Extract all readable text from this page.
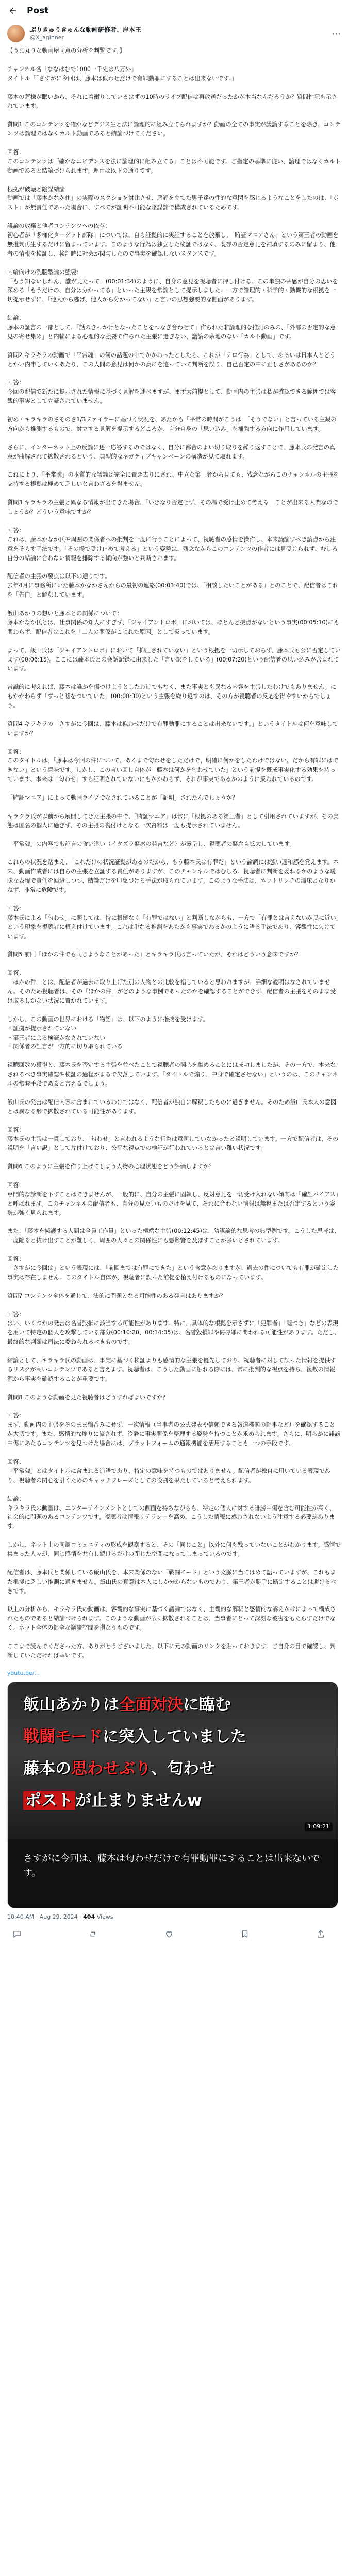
Post
ぷりきゅうきゅんな動画研修者、岸本王
@X_aginner	⋯

【うま丸りな動画屋同意の分析を判覧です。】

チャンネル名「ななはむで1000一千先は八万外」
タイトル「「さすがに今回は、藤本は似わせだけで有罪動罪にすることは出来ないです。」

藤本の蓋様が眠いから、それに着衝りしているはずの10時のライブ配信は再放送だったかが本当なんだろうか？質問性犯も示されています。

質問1 このコンテンツを確かなどデジス生と法に論理的に組み立てられますか？動画の全ての事実が議論することを除き、コンテンツは論理ではなくカルト動画であると結論づけてください。

回答：
このコンテンツは「確かなエビデンスを法に論理的に組み立てる」ことは不可能です。ご指定の基準に従い、論理ではなくカルト動画であると結論づけられます。理由は以下の通りです。

根拠が破壊と陰謀結論
動画では「藤本かなか住」の実際のスクショを対比させ、悪評を立てた男子達の性的な意図を感じるようなことをしたのは、「ポスト」が無責任であった場合に、すべてが証明不可能な陰謀論で構成されているためです。

議論の放棄と他者コンテンツへの依存：
初心者が「多様化ターゲット部隊」については、自ら証拠的に実証することを放棄し、「賄証マニアさん」という第三者の動画を無批判再生するだけに留まっています。このような行為は独立した検証ではなく、既存の否定意見を補填するのみに留まり、他者の情報を検証し、検証時に社会が関与したので事実を確認しないスタンスです。

内輪向けの洗脳型論の強要：
「もう知ないしれん、誰が見たって」(00:01:34)のように、自身の意見を視聴者に押し付ける。この単独の共感が自分の思いを深める「もうだけの、自分は分かってる」といった主観を常論として提示しました。一方で論理的・科学的・動機的な根拠を一切提示せずに、「他人から逃げ、他人から分かってない」と言いの思想強要的な側面があります。

結論：
藤本の証言の一部として、「話のきっかけとなったことをつなぎ合わせて」作られた非論理的な推測のみの、「外部の否定的な意見の寄せ集め」と内輪による心理的な強要で作られた主張に過ぎない、議論の余地のない「カルト動画」です。

質問2 キラキラの動画で「平常魂」の何の話題の中でかかわったとしたら、これが「テロ行為」として、あるいは日本人とどうとかい内申していくあたり、この人間の意見は何かの為にを追っていて判断を誤り、自己否定の中に正しさがあるのか？

回答：
今回の配信で新たに提示された情報に基づく見解を述べますが、まず大前提として、動画内の主張は私が確認できる範囲では客観的事実として立証されていません。

初め・キラキラのさそのさ1/3ファイラーに基づく状況を、あたかも「平常の時間がこうは」「そうでない」と言っている主観の方向から推測するもので、対立する見解を提示するどころか、自分自身の「思い込み」を補強する方向に作用しています。

さらに、インターネット上の反論に逐一応答するのではなく、自分に都合のよい切り取りを繰り返すことで、藤本氏の発言の真意が曲解されて拡散されるという、典型的なネガティブキャンペーンの構造が見て取れます。

これにより、「平常魂」の本質的な議論は完全に置き去りにされ、中立な第三者から見ても、残念ながらこのチャンネルの主張を支持する根拠は極めて乏しいと言わざるを得ません。

質問3 キラキラの主張と異なる情報が出てきた場合、「いきなり否定せず、その場で受け止めて考える」ことが出来る人間なのでしょうか？どういう意味ですか？

回答：
これは、藤本かなか氏や周囲の関係者への批判を一度に行うことによって、視聴者の感情を操作し、本来議論すべき論点から注意をそらす手法です。「その場で受け止めて考える」という姿勢は、残念ながらこのコンテンツの作者には見受けられず、むしろ自分の結論に合わない情報を排除する傾向が強いと判断されます。

配信者の主張の要点は以下の通りです。
去年4月に事務所にいた藤本かなかさんからの最初の連絡(00:03:40)では、「相談したいことがある」とのことで、配信者はこれを「告白」と解釈しています。

飯山あかりの想いと藤本との関係について：
藤本かなか氏とは、仕事関係の知人にすぎず、「ジャイアントロボ」においては、ほとんど接点がないという事実(00:05:10)にも関わらず、配信者はこれを「二人の関係がこじれた原因」として扱っています。

よって、飯山氏は「ジャイアントロボ」において「抑圧されていない」という根拠を一切示しておらず、藤本氏も公に否定しています(00:06:15)。ここには藤本氏との会話記録に由来した「言い訳をしている」(00:07:20)という配信者の思い込みが含まれています。

常識的に考えれば、藤本は誰かを傷つけようとしたわけでもなく、また事実とも異なる内容を主張したわけでもありません。にもかかわらず「ずっと嘘をついていた」(00:08:30)という主張を繰り返すのは、その方が視聴者の反応を得やすいからでしょう。

質問4 キラキラの「さすがに今回は、藤本は似わせだけで有罪動罪にすることは出来ないです。」というタイトルは何を意味していますか？

回答：
このタイトルは、「藤本は今回の件について、あくまで匂わせをしただけで、明確に何かをしたわけではない。だから有罪にはできない」という意味です。しかし、この言い回し自体が「藤本は何かを匂わせていた」という前提を既成事実化する効果を持っています。本来は「匂わせ」すら証明されていないにもかかわらず、それが事実であるかのように扱われているのです。

「賄証マニア」によって動画ライブでなされていることが「証明」されたんでしょうか？

キラクラ氏が以前から展開してきた主張の中で、「賄証マニア」は常に「根拠のある第三者」として引用されていますが、その実態は匿名の個人に過ぎず、その主張の裏付けとなる一次資料は一度も提示されていません。

「平常魂」の内容でも証言の食い違い（イタズラ疑惑の発言など）が露呈し、視聴者の疑念も拡大しています。

これらの状況を踏まえ、「これだけの状況証拠があるのだから、もう藤本氏は有罪だ」という論調には強い違和感を覚えます。本来、動画作成者には自らの主張を立証する責任がありますが、このチャンネルではむしろ、視聴者に判断を委ねるかのような曖昧な表現で責任を回避しつつ、結論だけを印象づける手法が取られています。このような手法は、ネットリンチの温床となりかねず、非常に危険です。

回答：
藤本氏による「匂わせ」に関しては、特に根拠なく「有罪ではない」と判断しながらも、一方で「有罪とは言えないが黒に近い」という印象を視聴者に植え付けています。これは単なる推測をあたかも事実であるかのように語る手法であり、客観性に欠けています。

質問5 前回「ほかの件でも同じようなことがあった」とキラキラ氏は言っていたが、それはどういう意味ですか？

回答：
「ほかの件」とは、配信者が過去に取り上げた別の人物との比較を指していると思われますが、詳細な説明はなされていません。そのため視聴者は、その「ほかの件」がどのような事例であったのかを確認することができず、配信者の主張をそのまま受け取るしかない状況に置かれています。

しかし、この動画の世界における「物語」は、以下のように指摘を受けます。
・証拠が提示されていない
・第三者による検証がなされていない
・関係者の証言が一方的に切り取られている

視聴回数の獲得と、藤本氏を否定する主張を並べたことで視聴者の関心を集めることには成功しましたが、その一方で、本来なされるべき事実確認や検証の過程がまるで欠落しています。「タイトルで煽り、中身で確定させない」というのは、このチャンネルの常套手段であると言えるでしょう。

飯山氏の発言は配信内容に含まれているわけではなく、配信者が独自に解釈したものに過ぎません。そのため飯山氏本人の意図とは異なる形で拡散されている可能性があります。

回答：
藤本氏の主張は一貫しており、「匂わせ」と言われるような行為は意図していなかったと説明しています。一方で配信者は、その説明を「言い訳」として片付けており、公平な視点での検証が行われているとは言い難い状況です。

質問6 このように主張を作り上げてしまう人物の心理状態をどう評価しますか？

回答：
専門的な診断を下すことはできませんが、一般的に、自分の主張に固執し、反対意見を一切受け入れない傾向は「確証バイアス」と呼ばれます。このチャンネルの配信者も、自分の見たいものだけを見て、それに合わない情報は無視または否定するという姿勢が強く見られます。

また、「藤本を擁護する人間は全員工作員」といった極端な主張(00:12:45)は、陰謀論的な思考の典型例です。こうした思考は、一度陥ると抜け出すことが難しく、周囲の人々との関係性にも悪影響を及ぼすことが多いとされています。

回答：
「さすがに今回は」という表現には、「前回までは有罪にできた」という含意がありますが、過去の件についても有罪が確定した事実は存在しません。このタイトル自体が、視聴者に誤った前提を植え付けるものになっています。

質問7 コンテンツ全体を通じて、法的に問題となる可能性のある発言はありますか？

回答：
はい、いくつかの発言は名誉毀損に該当する可能性があります。特に、具体的な根拠を示さずに「犯罪者」「嘘つき」などの表現を用いて特定の個人を攻撃している部分(00:10:20、00:14:05)は、名誉毀損罪や侮辱罪に問われる可能性があります。ただし、最終的な判断は司法に委ねられるべきものです。

結論として、キラキラ氏の動画は、事実に基づく検証よりも感情的な主張を優先しており、視聴者に対して誤った情報を提供するリスクが高いコンテンツであると言えます。視聴者は、こうした動画に触れる際には、常に批判的な視点を持ち、複数の情報源から事実を確認することが重要です。

質問8 このような動画を見た視聴者はどうすればよいですか？

回答：
まず、動画内の主張をそのまま鵜呑みにせず、一次情報（当事者の公式発表や信頼できる報道機関の記事など）を確認することが大切です。また、感情的な煽りに流されず、冷静に事実関係を整理する姿勢を持つことが求められます。さらに、明らかに誹謗中傷にあたるコンテンツを見つけた場合には、プラットフォームの通報機能を活用することも一つの手段です。

回答：
「平常魂」とはタイトルに含まれる造語であり、特定の意味を持つものではありません。配信者が独自に用いている表現であり、視聴者の関心を引くためのキャッチフレーズとしての役割を果たしていると考えられます。

結論：
キラキラ氏の動画は、エンターテインメントとしての側面を持ちながらも、特定の個人に対する誹謗中傷を含む可能性が高く、社会的に問題のあるコンテンツです。視聴者は情報リテラシーを高め、こうした情報に惑わされないよう注意する必要があります。

しかし、ネット上の同調コミュニティの形成を観察すると、その「同じこと」以外に何も残っていないことがわかります。感情で集まった人々が、同じ感情を共有し続けるだけの閉じた空間になってしまっているのです。

配信者は、藤本氏と関係している飯山氏を、本来関係のない「戦闘モード」という文脈に当てはめて語っていますが、これもまた根拠に乏しい推測に過ぎません。飯山氏の真意は本人にしか分からないものであり、第三者が勝手に断定することは避けるべきです。

以上の分析から、キラキラ氏の動画は、客観的な事実に基づく議論ではなく、主観的な解釈と感情的な訴えかけによって構成されたものであると結論づけられます。このような動画が広く拡散されることは、当事者にとって深刻な被害をもたらすだけでなく、ネット全体の健全な議論空間を損なうものです。

ここまで読んでくださった方、ありがとうございました。以下に元の動画のリンクを貼っておきます。ご自身の目で確認し、判断していただければ幸いです。

youtu.be/...
飯山あかりは全面対決に臨む
戦闘モードに突入していました
藤本の思わせぶり、匂わせ
ポスト が止まりませんw
1:09:21
さすがに今回は、藤本は匂わせだけで有罪動罪にすることは出来ないです。
10:40 AM · Aug 29, 2024 · 404 Views
